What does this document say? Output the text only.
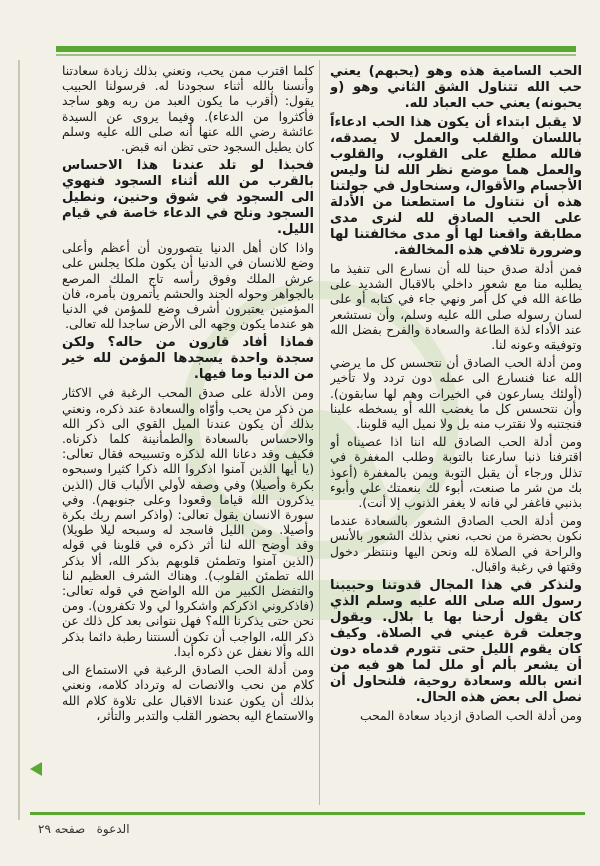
الحب السامية هذه وهو (يحبهم) يعني حب الله تتناول الشق الثاني وهو (و يحبونه) يعني حب العباد لله.

لا يقبل ابتداء أن يكون هذا الحب ادعاءاً باللسان والقلب والعمل لا يصدقه، فالله مطلع على القلوب، والقلوب والعمل هما موضع نظر الله لنا وليس الأجسام والأقوال، وسنحاول في جولتنا هذه أن نتناول ما استطعنا من الأدلة على الحب الصادق لله لنرى مدى مطابقة واقعنا لها أو مدى مخالفتنا لها وضرورة تلافي هذه المخالفة.

فمن أدلة صدق حبنا لله أن نسارع الى تنفيذ ما يطلبه منا مع شعور داخلي بالاقبال الشديد على طاعة الله في كل أمر ونهي جاء في كتابه أو على لسان رسوله صلى الله عليه وسلم، وأن نستشعر عند الأداء لذة الطاعة والسعادة والفرح بفضل الله وتوفيقه وعونه لنا.

ومن أدلة الحب الصادق أن نتحسس كل ما يرضي الله عنا فنسارع الى عمله دون تردد ولا تأخير (أولئك يسارعون في الخيرات وهم لها سابقون). وأن نتحسس كل ما يغضب الله أو يسخطه علينا فنجتنبه ولا نقترب منه بل ولا نميل اليه قلوبنا.

ومن أدلة الحب الصادق لله اننا اذا عصيناه أو اقترفنا ذنبا سارعنا بالتوبة وطلب المغفرة في تذلل ورجاء أن يقبل التوبة ويمن بالمغفرة (أعوذ بك من شر ما صنعت، أبوء لك بنعمتك علي وأبوء بذنبي فاغفر لي فانه لا يغفر الذنوب إلا أنت).

ومن أدلة الحب الصادق الشعور بالسعادة عندما نكون بحضرة من نحب، نعني بذلك الشعور بالأنس والراحة في الصلاة لله ونحن اليها وننتظر دخول وقتها في رغبة واقبال.

ولنذكر في هذا المجال قدوتنا وحبيبنا رسول الله صلى الله عليه وسلم الذي كان يقول أرحنا بها يا بلال. ويقول وجعلت قرة عيني في الصلاة. وكيف كان يقوم الليل حتى تتورم قدماه دون أن يشعر بألم أو ملل لما هو فيه من انس بالله وسعادة روحية، فلنحاول أن نصل الى بعض هذه الحال.

ومن أدلة الحب الصادق ازدياد سعادة المحب

كلما اقترب ممن يحب، ونعني بذلك زيادة سعادتنا وأنسنا بالله أثناء سجودنا له. فرسولنا الحبيب يقول: (أقرب ما يكون العبد من ربه وهو ساجد فأكثروا من الدعاء). وفيما يروى عن السيدة عائشة رضي الله عنها أنه صلى الله عليه وسلم كان يطيل السجود حتى تظن انه قبض.

فحبذا لو تلد عندنا هذا الاحساس بالقرب من الله أثناء السجود فنهوي الى السجود في شوق وحنين، ونطيل السجود ونلح في الدعاء خاصة في قيام الليل.

واذا كان أهل الدنيا يتصورون أن أعظم وأعلى وضع للانسان في الدنيا أن يكون ملكا يجلس على عرش الملك وفوق رأسه تاج الملك المرصع بالجواهر وحوله الجند والحشم يأتمرون بأمره، فان المؤمنين يعتبرون أشرف وضع للمؤمن في الدنيا هو عندما يكون وجهه الى الأرض ساجدا لله تعالى.

فماذا أفاد قارون من حاله؟ ولكن سجدة واحدة يسجدها المؤمن لله خير من الدنيا وما فيها.

ومن الأدلة على صدق المحب الرغبة في الاكثار من ذكر من يحب وأوّاه والسعادة عند ذكره، ونعني بذلك أن يكون عندنا الميل القوي الى ذكر الله والاحساس بالسعادة والطمأنينة كلما ذكرناه. فكيف وقد دعانا الله لذكره وتسبيحه فقال تعالى: (يا أيها الذين آمنوا اذكروا الله ذكرا كثيرا وسبحوه بكرة وأصيلا) وفي وصفه لأولي الألباب قال (الذين يذكرون الله قياما وقعودا وعلى جنوبهم). وفي سورة الانسان يقول تعالى: (واذكر اسم ربك بكرة وأصيلا. ومن الليل فاسجد له وسبحه ليلا طويلا) وقد أوضح الله لنا أثر ذكره في قلوبنا في قوله (الذين آمنوا وتطمئن قلوبهم بذكر الله، ألا بذكر الله تطمئن القلوب). وهناك الشرف العظيم لنا والتفضل الكبير من الله الواضح في قوله تعالى: (فاذكروني اذكركم واشكروا لي ولا تكفرون). ومن نحن حتى يذكرنا الله؟ فهل نتوانى بعد كل ذلك عن ذكر الله، الواجب أن تكون ألسنتنا رطبة دائما بذكر الله وألا نغفل عن ذكره أبدا.

ومن أدلة الحب الصادق الرغبة في الاستماع الى كلام من نحب والانصات له وترداد كلامه، ونعني بذلك أن يكون عندنا الاقبال على تلاوة كلام الله والاستماع اليه بحضور القلب والتدبر والتأثر،

الدعوة   صفحه ٢٩
